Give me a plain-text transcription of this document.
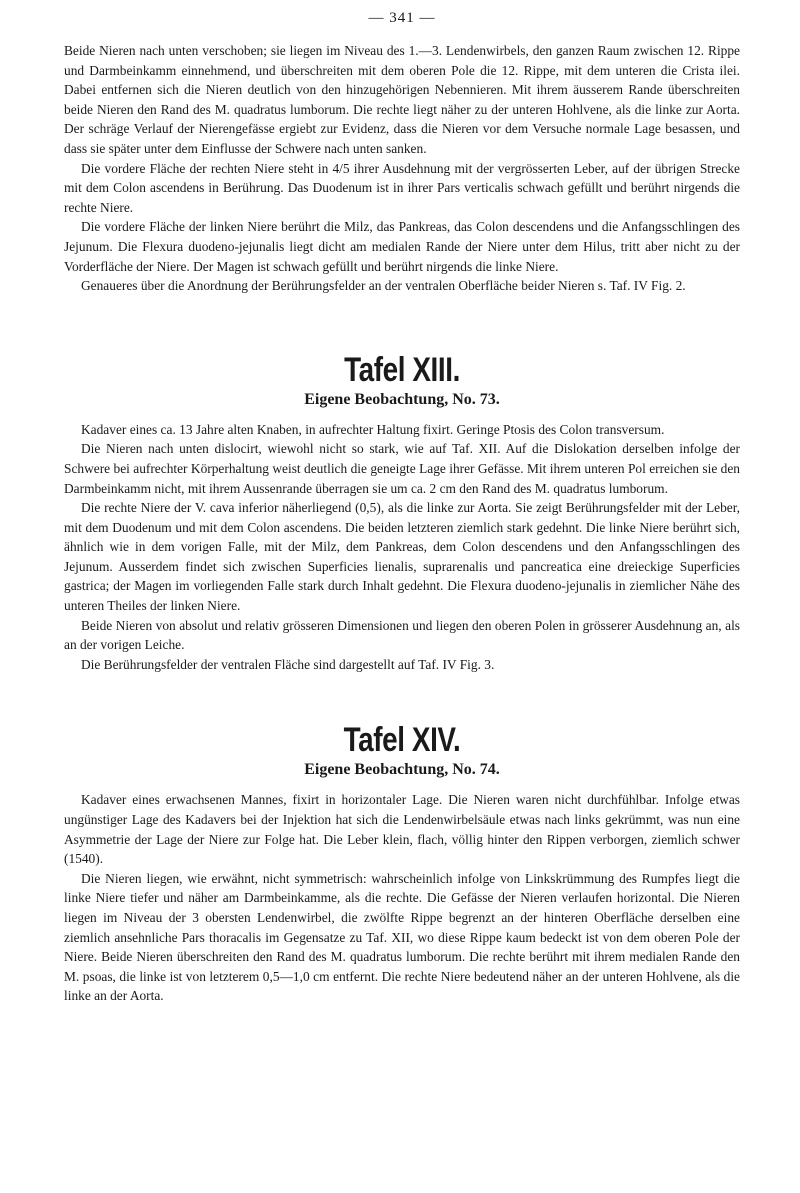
— 341 —

Beide Nieren nach unten verschoben; sie liegen im Niveau des 1.—3. Lendenwirbels, den ganzen Raum zwischen 12. Rippe und Darmbeinkamm einnehmend, und überschreiten mit dem oberen Pole die 12. Rippe, mit dem unteren die Crista ilei. Dabei entfernen sich die Nieren deutlich von den hinzugehörigen Nebennieren. Mit ihrem äusserem Rande überschreiten beide Nieren den Rand des M. quadratus lumborum. Die rechte liegt näher zu der unteren Hohlvene, als die linke zur Aorta. Der schräge Verlauf der Nierengefässe ergiebt zur Evidenz, dass die Nieren vor dem Versuche normale Lage besassen, und dass sie später unter dem Einflusse der Schwere nach unten sanken.

Die vordere Fläche der rechten Niere steht in 4/5 ihrer Ausdehnung mit der vergrösserten Leber, auf der übrigen Strecke mit dem Colon ascendens in Berührung. Das Duodenum ist in ihrer Pars verticalis schwach gefüllt und berührt nirgends die rechte Niere.

Die vordere Fläche der linken Niere berührt die Milz, das Pankreas, das Colon descendens und die Anfangsschlingen des Jejunum. Die Flexura duodeno-jejunalis liegt dicht am medialen Rande der Niere unter dem Hilus, tritt aber nicht zu der Vorderfläche der Niere. Der Magen ist schwach gefüllt und berührt nirgends die linke Niere.

Genaueres über die Anordnung der Berührungsfelder an der ventralen Oberfläche beider Nieren s. Taf. IV Fig. 2.

Tafel XIII.
Eigene Beobachtung, No. 73.

Kadaver eines ca. 13 Jahre alten Knaben, in aufrechter Haltung fixirt. Geringe Ptosis des Colon transversum.

Die Nieren nach unten dislocirt, wiewohl nicht so stark, wie auf Taf. XII. Auf die Dislokation derselben infolge der Schwere bei aufrechter Körperhaltung weist deutlich die geneigte Lage ihrer Gefässe. Mit ihrem unteren Pol erreichen sie den Darmbeinkamm nicht, mit ihrem Aussenrande überragen sie um ca. 2 cm den Rand des M. quadratus lumborum.

Die rechte Niere der V. cava inferior näherliegend (0,5), als die linke zur Aorta. Sie zeigt Berührungsfelder mit der Leber, mit dem Duodenum und mit dem Colon ascendens. Die beiden letzteren ziemlich stark gedehnt. Die linke Niere berührt sich, ähnlich wie in dem vorigen Falle, mit der Milz, dem Pankreas, dem Colon descendens und den Anfangsschlingen des Jejunum. Ausserdem findet sich zwischen Superficies lienalis, suprarenalis und pancreatica eine dreieckige Superficies gastrica; der Magen im vorliegenden Falle stark durch Inhalt gedehnt. Die Flexura duodeno-jejunalis in ziemlicher Nähe des unteren Theiles der linken Niere.

Beide Nieren von absolut und relativ grösseren Dimensionen und liegen den oberen Polen in grösserer Ausdehnung an, als an der vorigen Leiche.

Die Berührungsfelder der ventralen Fläche sind dargestellt auf Taf. IV Fig. 3.

Tafel XIV.
Eigene Beobachtung, No. 74.

Kadaver eines erwachsenen Mannes, fixirt in horizontaler Lage. Die Nieren waren nicht durchfühlbar. Infolge etwas ungünstiger Lage des Kadavers bei der Injektion hat sich die Lendenwirbelsäule etwas nach links gekrümmt, was nun eine Asymmetrie der Lage der Niere zur Folge hat. Die Leber klein, flach, völlig hinter den Rippen verborgen, ziemlich schwer (1540).

Die Nieren liegen, wie erwähnt, nicht symmetrisch: wahrscheinlich infolge von Linkskrümmung des Rumpfes liegt die linke Niere tiefer und näher am Darmbeinkamme, als die rechte. Die Gefässe der Nieren verlaufen horizontal. Die Nieren liegen im Niveau der 3 obersten Lendenwirbel, die zwölfte Rippe begrenzt an der hinteren Oberfläche derselben eine ziemlich ansehnliche Pars thoracalis im Gegensatze zu Taf. XII, wo diese Rippe kaum bedeckt ist von dem oberen Pole der Niere. Beide Nieren überschreiten den Rand des M. quadratus lumborum. Die rechte berührt mit ihrem medialen Rande den M. psoas, die linke ist von letzterem 0,5—1,0 cm entfernt. Die rechte Niere bedeutend näher an der unteren Hohlvene, als die linke an der Aorta.
